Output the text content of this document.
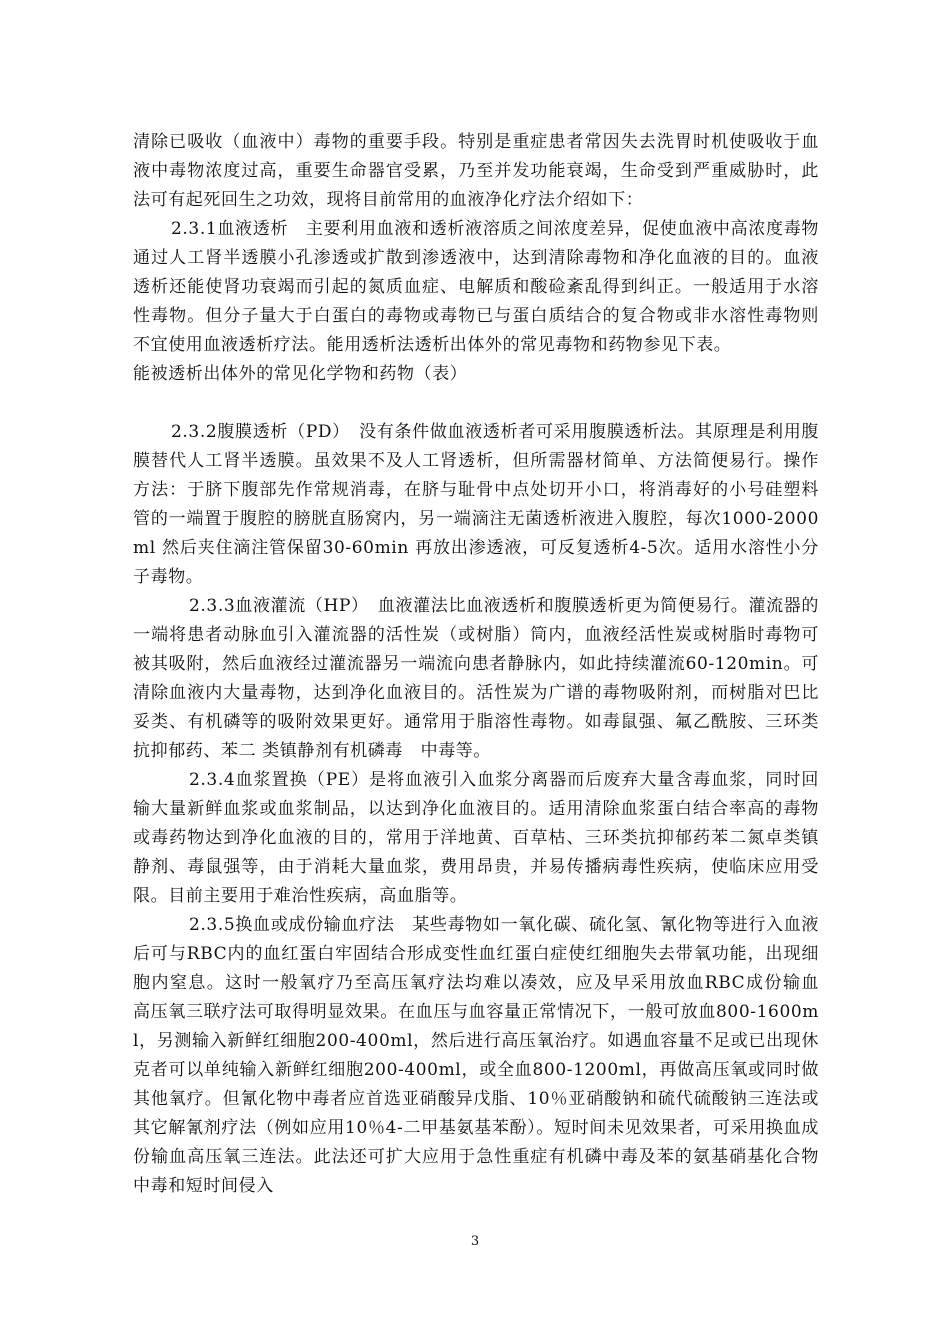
清除已吸收（血液中）毒物的重要手段。特别是重症患者常因失去洗胃时机使吸收于血液中毒物浓度过高，重要生命器官受累，乃至并发功能衰竭，生命受到严重威胁时，此法可有起死回生之功效，现将目前常用的血液净化疗法介绍如下：

2.3.1血液透析　主要利用血液和透析液溶质之间浓度差异，促使血液中高浓度毒物通过人工肾半透膜小孔渗透或扩散到渗透液中，达到清除毒物和净化血液的目的。血液透析还能使肾功衰竭而引起的氮质血症、电解质和酸硷紊乱得到纠正。一般适用于水溶性毒物。但分子量大于白蛋白的毒物或毒物已与蛋白质结合的复合物或非水溶性毒物则不宜使用血液透析疗法。能用透析法透析出体外的常见毒物和药物参见下表。

能被透析出体外的常见化学物和药物（表）

2.3.2腹膜透析（PD）　没有条件做血液透析者可采用腹膜透析法。其原理是利用腹膜替代人工肾半透膜。虽效果不及人工肾透析，但所需器材简单、方法简便易行。操作方法：于脐下腹部先作常规消毒，在脐与耻骨中点处切开小口，将消毒好的小号硅塑料管的一端置于腹腔的膀胱直肠窝内，另一端滴注无菌透析液进入腹腔，每次1000-2000ml 然后夹住滴注管保留30-60min 再放出渗透液，可反复透析4-5次。适用水溶性小分子毒物。

2.3.3血液灌流（HP）　血液灌法比血液透析和腹膜透析更为简便易行。灌流器的一端将患者动脉血引入灌流器的活性炭（或树脂）筒内，血液经活性炭或树脂时毒物可被其吸附，然后血液经过灌流器另一端流向患者静脉内，如此持续灌流60-120min。可清除血液内大量毒物，达到净化血液目的。活性炭为广谱的毒物吸附剂，而树脂对巴比妥类、有机磷等的吸附效果更好。通常用于脂溶性毒物。如毒鼠强、氟乙酰胺、三环类抗抑郁药、苯二 类镇静剂有机磷毒　中毒等。

2.3.4血浆置换（PE）是将血液引入血浆分离器而后废弃大量含毒血浆，同时回输大量新鲜血浆或血浆制品，以达到净化血液目的。适用清除血浆蛋白结合率高的毒物或毒药物达到净化血液的目的，常用于洋地黄、百草枯、三环类抗抑郁药苯二氮卓类镇静剂、毒鼠强等，由于消耗大量血浆，费用昂贵，并易传播病毒性疾病，使临床应用受限。目前主要用于难治性疾病，高血脂等。

2.3.5换血或成份输血疗法　某些毒物如一氧化碳、硫化氢、氰化物等进行入血液后可与RBC内的血红蛋白牢固结合形成变性血红蛋白症使红细胞失去带氧功能，出现细胞内窒息。这时一般氧疗乃至高压氧疗法均难以凑效，应及早采用放血RBC成份输血　高压氧三联疗法可取得明显效果。在血压与血容量正常情况下，一般可放血800-1600ml，另测输入新鲜红细胞200-400ml，然后进行高压氧治疗。如遇血容量不足或已出现休克者可以单纯输入新鲜红细胞200-400ml，或全血800-1200ml，再做高压氧或同时做其他氧疗。但氰化物中毒者应首选亚硝酸异戊脂、10％亚硝酸钠和硫代硫酸钠三连法或其它解氰剂疗法（例如应用10％4-二甲基氨基苯酚）。短时间未见效果者，可采用换血成份输血高压氧三连法。此法还可扩大应用于急性重症有机磷中毒及苯的氨基硝基化合物中毒和短时间侵入

3
